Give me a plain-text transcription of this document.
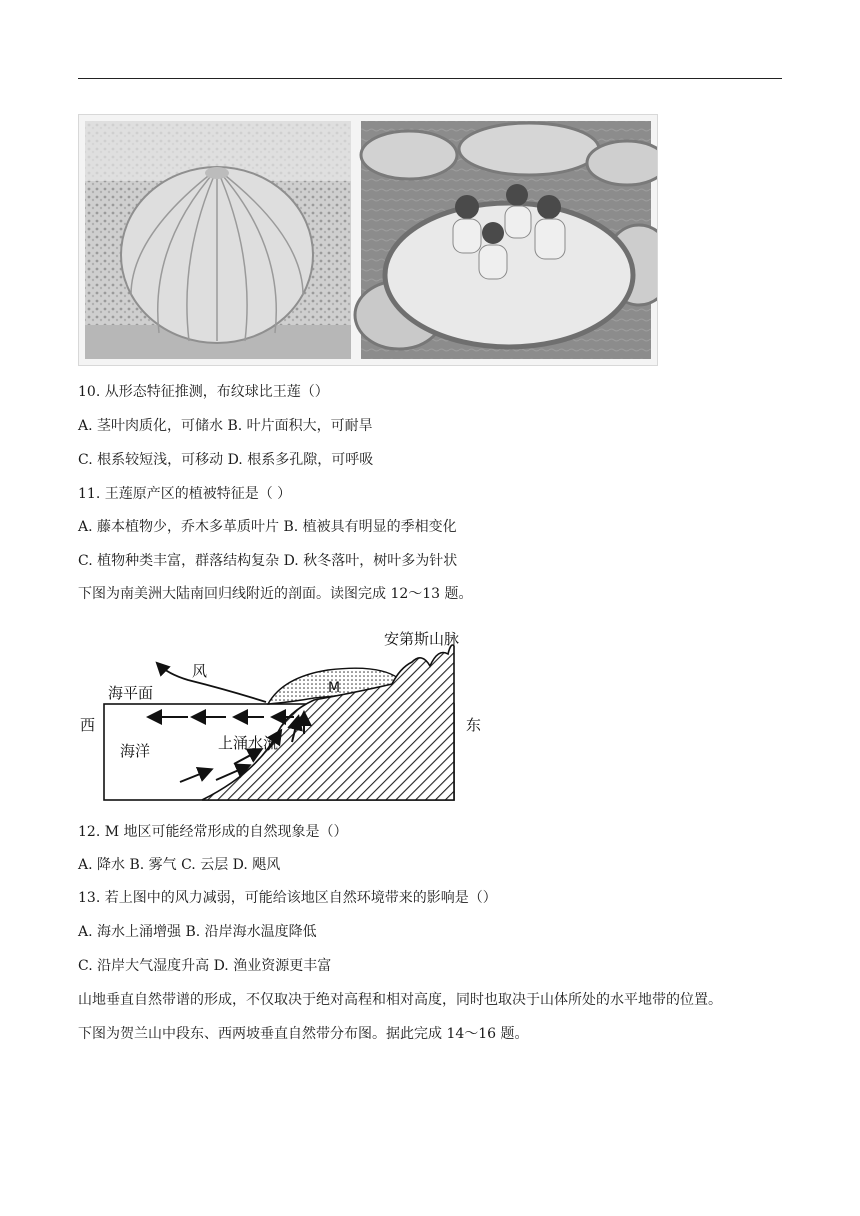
10. 从形态特征推测，布纹球比王莲（）
A. 茎叶肉质化，可储水 B. 叶片面积大，可耐旱
C. 根系较短浅，可移动 D. 根系多孔隙，可呼吸
11. 王莲原产区的植被特征是（ ）
A. 藤本植物少，乔木多革质叶片 B. 植被具有明显的季相变化
C. 植物种类丰富，群落结构复杂 D. 秋冬落叶，树叶多为针状
下图为南美洲大陆南回归线附近的剖面。读图完成 12～13 题。
安第斯山脉
风
海平面
西	东
海洋	上涌水流
M
12. M 地区可能经常形成的自然现象是（）
A. 降水 B. 雾气 C. 云层 D. 飓风
13. 若上图中的风力减弱，可能给该地区自然环境带来的影响是（）
A. 海水上涌增强 B. 沿岸海水温度降低
C. 沿岸大气湿度升高 D. 渔业资源更丰富
山地垂直自然带谱的形成，不仅取决于绝对高程和相对高度，同时也取决于山体所处的水平地带的位置。
下图为贺兰山中段东、西两坡垂直自然带分布图。据此完成 14～16 题。
